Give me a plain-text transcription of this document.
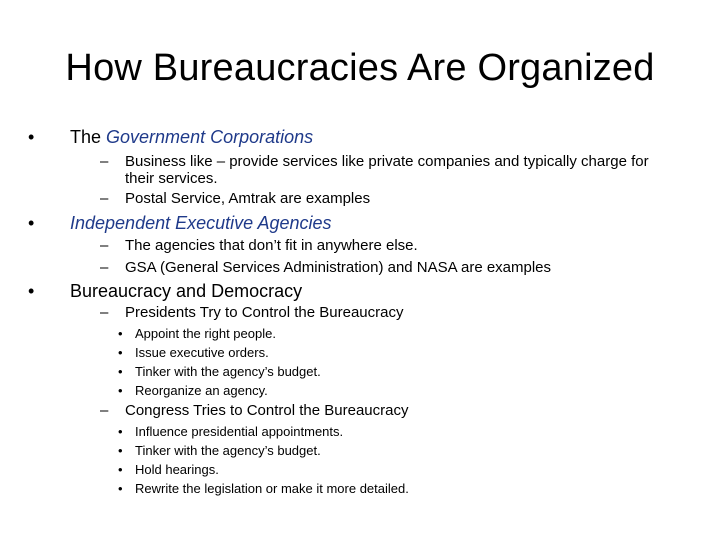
How Bureaucracies Are Organized
• The Government Corporations
– Business like – provide services like private companies and typically charge for
their services.
– Postal Service, Amtrak are examples
• Independent Executive Agencies
– The agencies that don’t fit in anywhere else.
– GSA (General Services Administration) and NASA are examples
• Bureaucracy and Democracy
– Presidents Try to Control the Bureaucracy
• Appoint the right people.
• Issue executive orders.
• Tinker with the agency’s budget.
• Reorganize an agency.
– Congress Tries to Control the Bureaucracy
• Influence presidential appointments.
• Tinker with the agency’s budget.
• Hold hearings.
• Rewrite the legislation or make it more detailed.
